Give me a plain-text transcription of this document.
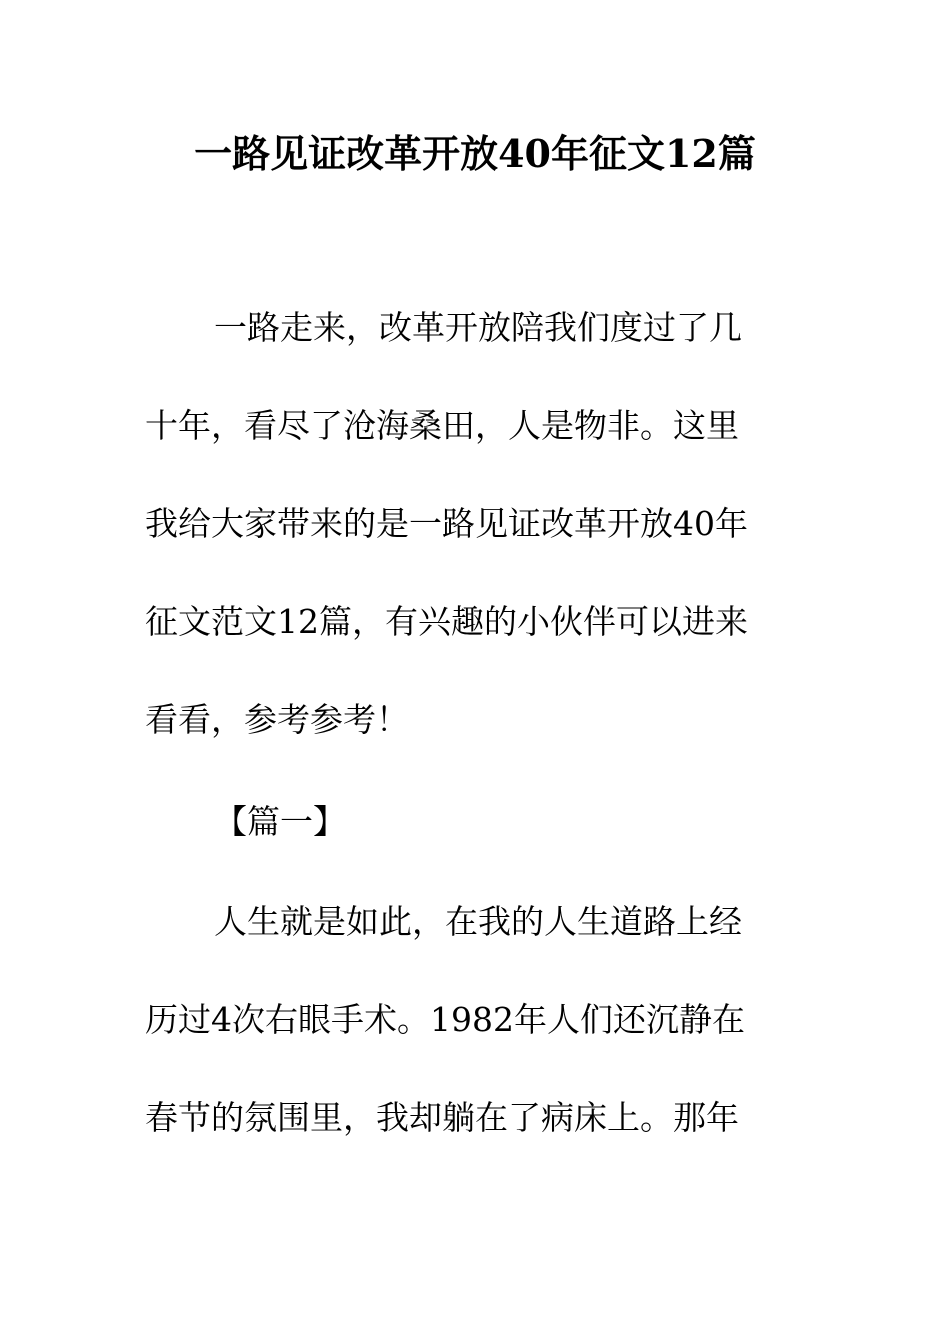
一路见证改革开放40年征文12篇
一路走来，改革开放陪我们度过了几
十年，看尽了沧海桑田，人是物非。这里
我给大家带来的是一路见证改革开放40年
征文范文12篇，有兴趣的小伙伴可以进来
看看，参考参考！
【篇一】
人生就是如此，在我的人生道路上经
历过4次右眼手术。1982年人们还沉静在
春节的氛围里，我却躺在了病床上。那年
